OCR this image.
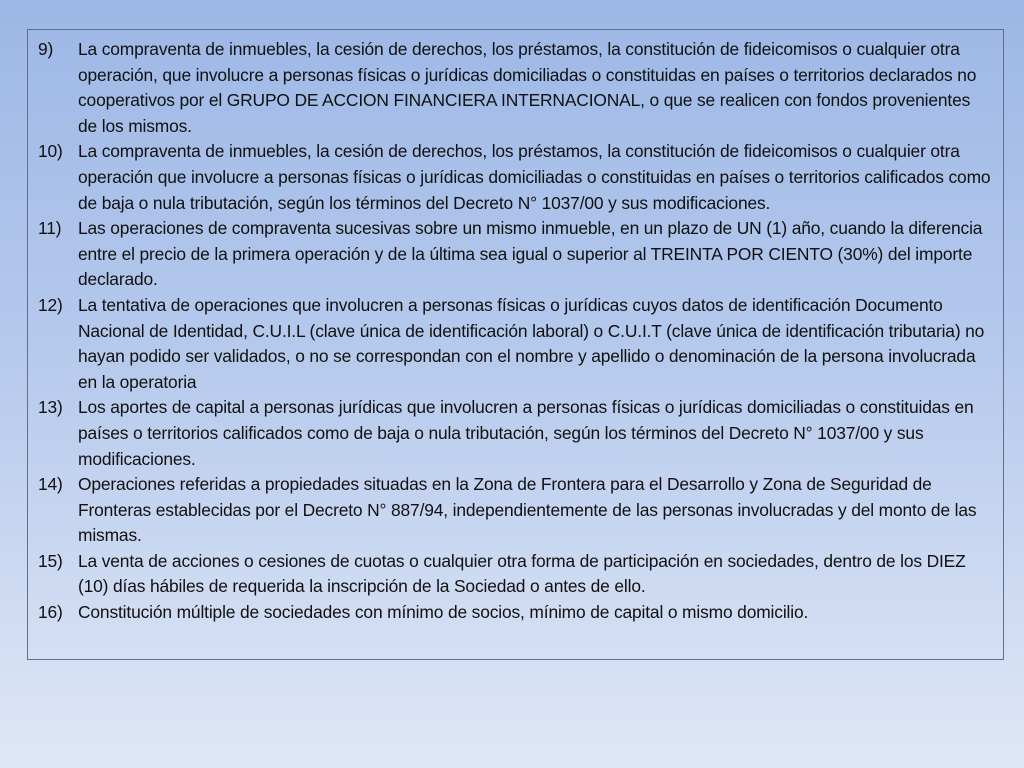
9)	La compraventa de inmuebles, la cesión de derechos, los préstamos, la constitución de fideicomisos o cualquier otra operación, que involucre a personas físicas o jurídicas domiciliadas o constituidas en países o territorios declarados no cooperativos por el GRUPO DE ACCION FINANCIERA INTERNACIONAL, o que se realicen con fondos provenientes de los mismos.
10) La compraventa de inmuebles, la cesión de derechos, los préstamos, la constitución de fideicomisos o cualquier otra operación que involucre a personas físicas o jurídicas domiciliadas o constituidas en países o territorios calificados como de baja o nula tributación, según los términos del Decreto N° 1037/00 y sus modificaciones.
11) Las operaciones de compraventa sucesivas sobre un mismo inmueble, en un plazo de UN (1) año, cuando la diferencia entre el precio de la primera operación y de la última sea igual o superior al TREINTA POR CIENTO (30%) del importe declarado.
12) La tentativa de operaciones que involucren a personas físicas o jurídicas cuyos datos de identificación Documento Nacional de Identidad, C.U.I.L (clave única de identificación laboral) o C.U.I.T (clave única de identificación tributaria) no hayan podido ser validados, o no se correspondan con el nombre y apellido o denominación de la persona involucrada en la operatoria
13) Los aportes de capital a personas jurídicas que involucren a personas físicas o jurídicas domiciliadas o constituidas en países o territorios calificados como de baja o nula tributación, según los términos del Decreto N° 1037/00 y sus modificaciones.
14) Operaciones referidas a propiedades situadas en la Zona de Frontera para el Desarrollo y Zona de Seguridad de Fronteras establecidas por el Decreto N° 887/94, independientemente de las personas involucradas y del monto de las mismas.
15) La venta de acciones o cesiones de cuotas o cualquier otra forma de participación en sociedades, dentro de los DIEZ (10) días hábiles de requerida la inscripción de la Sociedad o antes de ello.
16) Constitución múltiple de sociedades con mínimo de socios, mínimo de capital o mismo domicilio.
